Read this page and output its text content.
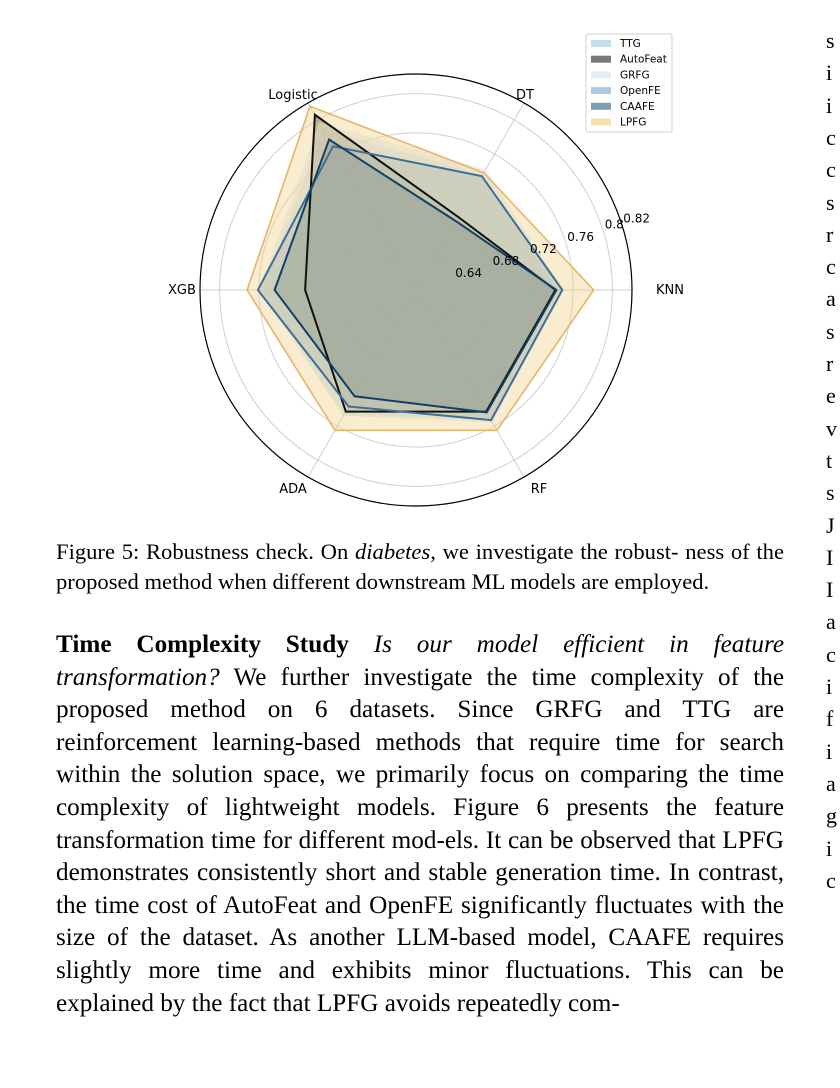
0.64
0.68
0.72
0.76
0.8 0.82
KNN
DT
Logistic
XGB
ADA	RF
TTG
AutoFeat
GRFG
OpenFE
CAAFE
LPFG

Figure 5: Robustness check. On diabetes, we investigate the robust- ness of the proposed method when different downstream ML models are employed.

Time Complexity Study Is our model efficient in feature transformation? We further investigate the time complexity of the proposed method on 6 datasets. Since GRFG and TTG are reinforcement learning-based methods that require time for search within the solution space, we primarily focus on comparing the time complexity of lightweight models. Figure 6 presents the feature transformation time for different mod-els. It can be observed that LPFG demonstrates consistently short and stable generation time. In contrast, the time cost of AutoFeat and OpenFE significantly fluctuates with the size of the dataset. As another LLM-based model, CAAFE requires slightly more time and exhibits minor fluctuations. This can be explained by the fact that LPFG avoids repeatedly com-

s
i
i
c
c
s
r
c
a
s
r
e
v
t
s
J
I
I
a
c
i
f
i
a
g
i
c
